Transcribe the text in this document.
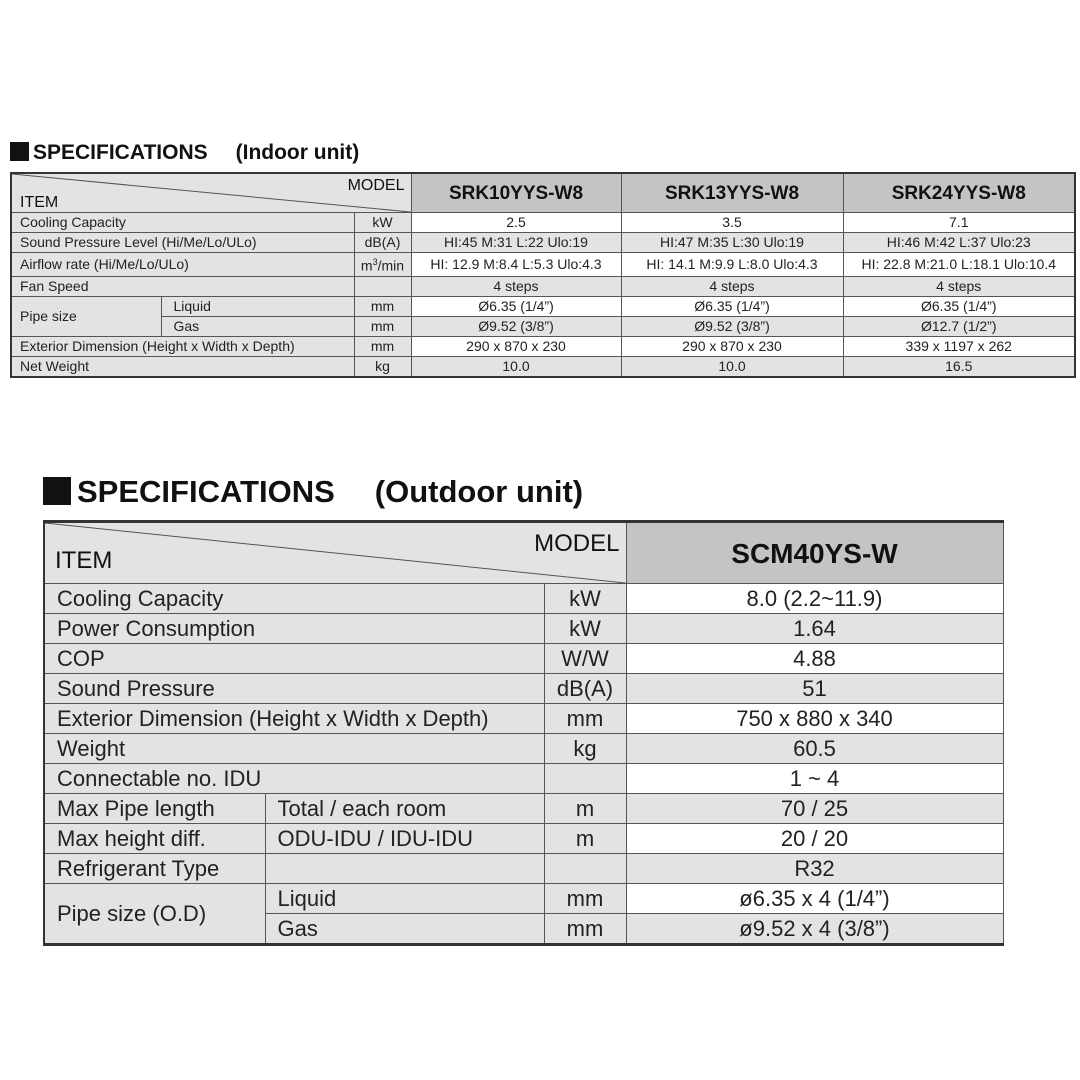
SPECIFICATIONS (Indoor unit)
MODEL
ITEM			SRK10YYS-W8	SRK13YYS-W8	SRK24YYS-W8
Cooling Capacity		kW	2.5	3.5	7.1
Sound Pressure Level (Hi/Me/Lo/ULo)		dB(A)	HI:45 M:31 L:22 Ulo:19	HI:47 M:35 L:30 Ulo:19	HI:46 M:42 L:37 Ulo:23
Airflow rate (Hi/Me/Lo/ULo)		$m^3/\min$	HI: 12.9 M:8.4 L:5.3 Ulo:4.3	HI: 14.1 M:9.9 L:8.0 Ulo:4.3	HI: 22.8 M:21.0 L:18.1 Ulo:10.4
Fan Speed			4 steps	4 steps	4 steps
Pipe size	Liquid	mm	Ø6.35 (1/4”)	Ø6.35 (1/4”)	Ø6.35 (1/4”)
	Gas	mm	Ø9.52 (3/8”)	Ø9.52 (3/8”)	Ø12.7 (1/2”)
Exterior Dimension (Height x Width x Depth)		mm	290 x 870 x 230	290 x 870 x 230	339 x 1197 x 262
Net Weight		kg	10.0	10.0	16.5
SPECIFICATIONS (Outdoor unit)
MODEL
ITEM			SCM40YS-W
Cooling Capacity		kW	8.0 (2.2~11.9)
Power Consumption		kW	1.64
COP		W/W	4.88
Sound Pressure		dB(A)	51
Exterior Dimension (Height x Width x Depth)		mm	750 x 880 x 340
Weight		kg	60.5
Connectable no. IDU			1 ~ 4
Max Pipe length	Total / each room	m	70 / 25
Max height diff.	ODU-IDU / IDU-IDU	m	20 / 20
Refrigerant Type			R32
Pipe size (O.D)	Liquid	mm	ø6.35 x 4 (1/4”)
	Gas	mm	ø9.52 x 4 (3/8”)
